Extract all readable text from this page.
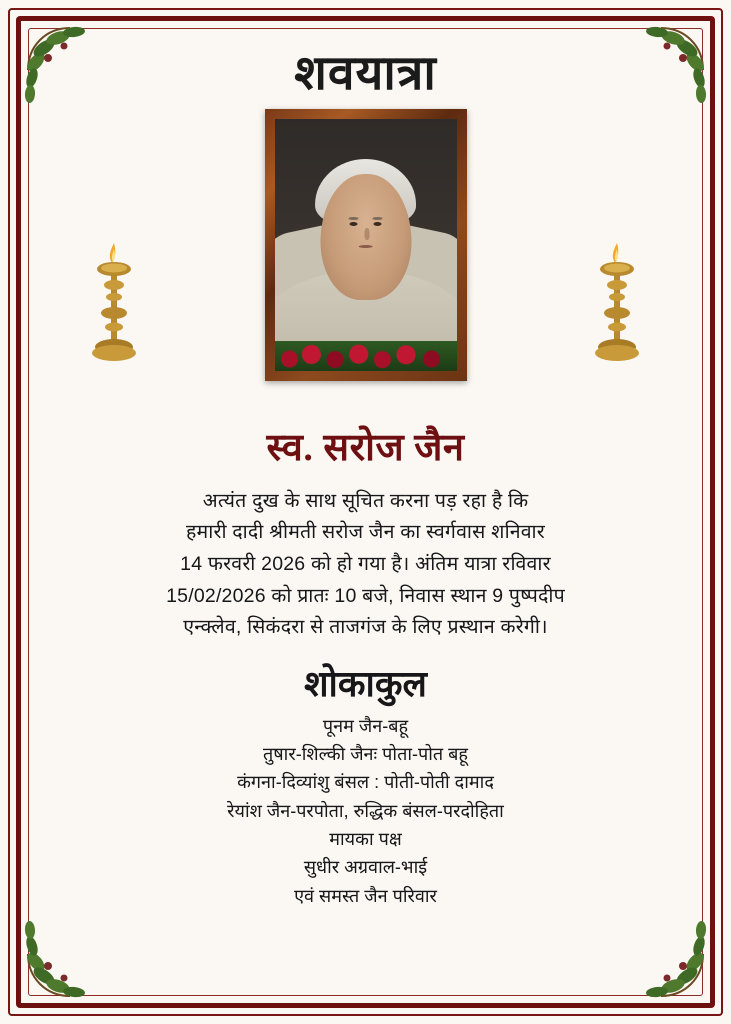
शवयात्रा
स्व. सरोज जैन
अत्यंत दुख के साथ सूचित करना पड़ रहा है कि
हमारी दादी श्रीमती सरोज जैन का स्वर्गवास शनिवार
14 फरवरी 2026 को हो गया है। अंतिम यात्रा रविवार
15/02/2026 को प्रातः 10 बजे, निवास स्थान 9 पुष्पदीप
एन्क्लेव, सिकंदरा से ताजगंज के लिए प्रस्थान करेगी।
शोकाकुल
पूनम जैन-बहू
तुषार-शिल्की जैनः पोता-पोत बहू
कंगना-दिव्यांशु बंसल : पोती-पोती दामाद
रेयांश जैन-परपोता, रुद्धिक बंसल-परदोहिता
मायका पक्ष
सुधीर अग्रवाल-भाई
एवं समस्त जैन परिवार
